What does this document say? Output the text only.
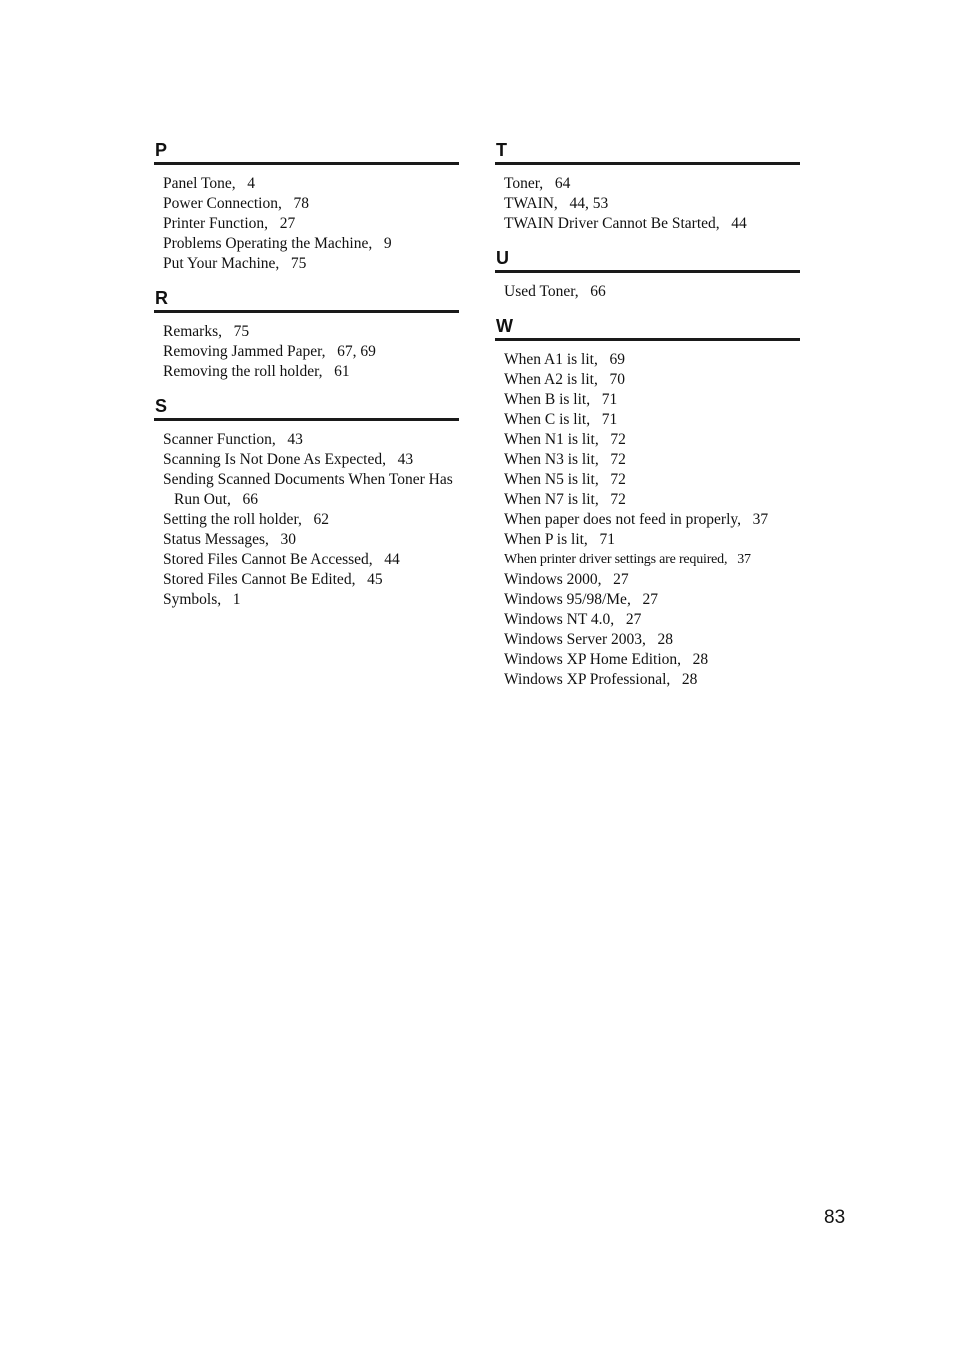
P
Panel Tone, 4
Power Connection, 78
Printer Function, 27
Problems Operating the Machine, 9
Put Your Machine, 75
R
Remarks, 75
Removing Jammed Paper, 67, 69
Removing the roll holder, 61
S
Scanner Function, 43
Scanning Is Not Done As Expected, 43
Sending Scanned Documents When Toner Has Run Out, 66
Setting the roll holder, 62
Status Messages, 30
Stored Files Cannot Be Accessed, 44
Stored Files Cannot Be Edited, 45
Symbols, 1
T
Toner, 64
TWAIN, 44, 53
TWAIN Driver Cannot Be Started, 44
U
Used Toner, 66
W
When A1 is lit, 69
When A2 is lit, 70
When B is lit, 71
When C is lit, 71
When N1 is lit, 72
When N3 is lit, 72
When N5 is lit, 72
When N7 is lit, 72
When paper does not feed in properly, 37
When P is lit, 71
When printer driver settings are required, 37
Windows 2000, 27
Windows 95/98/Me, 27
Windows NT 4.0, 27
Windows Server 2003, 28
Windows XP Home Edition, 28
Windows XP Professional, 28
83
